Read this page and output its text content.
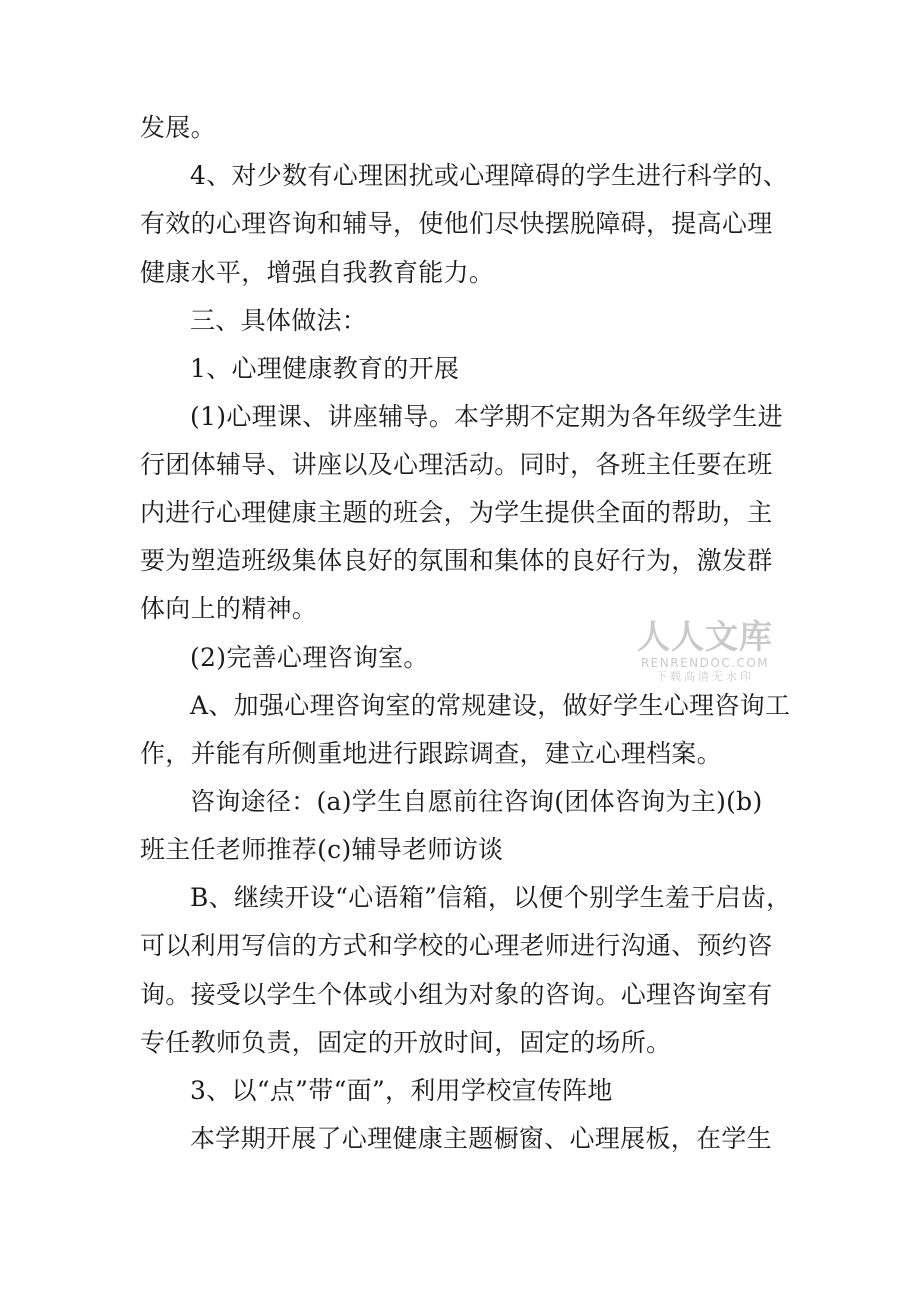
发展。
4、对少数有心理困扰或心理障碍的学生进行科学的、
有效的心理咨询和辅导，使他们尽快摆脱障碍，提高心理
健康水平，增强自我教育能力。
三、具体做法：
1、心理健康教育的开展
(1)心理课、讲座辅导。本学期不定期为各年级学生进
行团体辅导、讲座以及心理活动。同时，各班主任要在班
内进行心理健康主题的班会，为学生提供全面的帮助，主
要为塑造班级集体良好的氛围和集体的良好行为，激发群
体向上的精神。
(2)完善心理咨询室。
A、加强心理咨询室的常规建设，做好学生心理咨询工
作，并能有所侧重地进行跟踪调查，建立心理档案。
咨询途径：(a)学生自愿前往咨询(团体咨询为主)(b)
班主任老师推荐(c)辅导老师访谈
B、继续开设“心语箱”信箱，以便个别学生羞于启齿，
可以利用写信的方式和学校的心理老师进行沟通、预约咨
询。接受以学生个体或小组为对象的咨询。心理咨询室有
专任教师负责，固定的开放时间，固定的场所。
3、以“点”带“面”，利用学校宣传阵地
本学期开展了心理健康主题橱窗、心理展板，在学生
人人文库
RENRENDOC.COM
下载高清无水印
